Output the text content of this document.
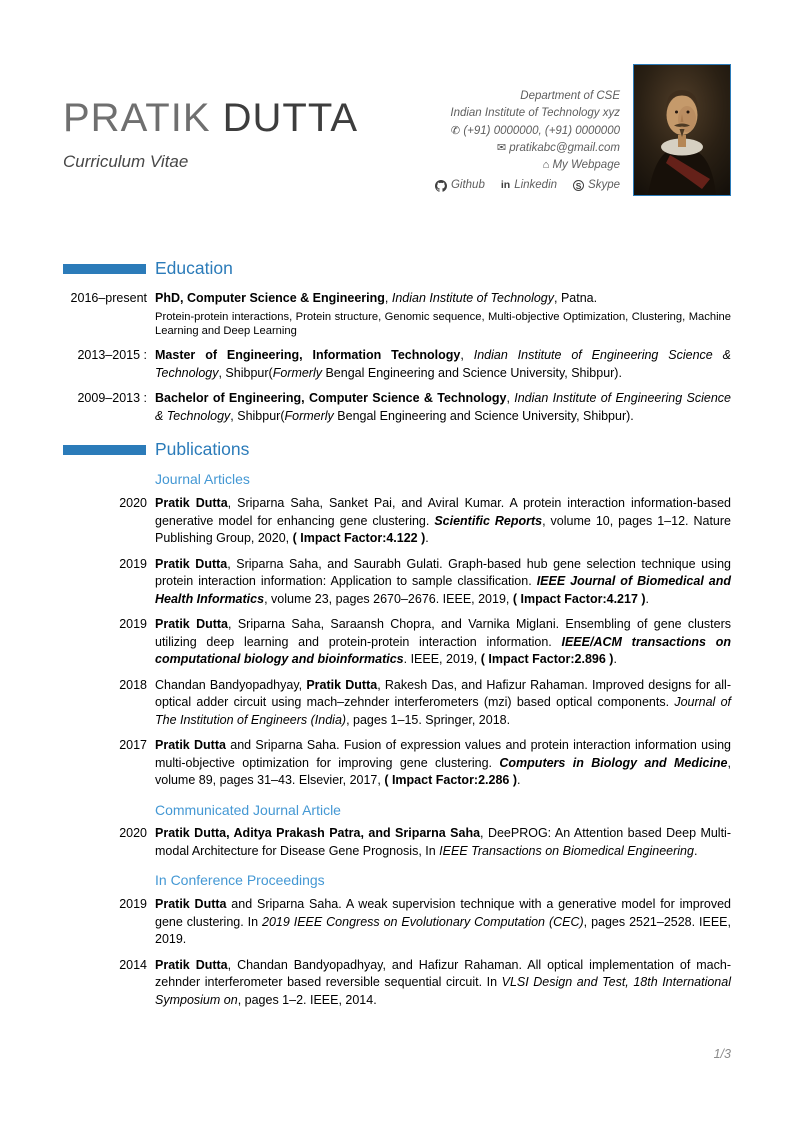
PRATIK DUTTA
Curriculum Vitae
Department of CSE
Indian Institute of Technology xyz
✆ (+91) 0000000, (+91) 0000000
✉ pratikabc@gmail.com
⌂ My Webpage
Github in Linkedin	S Skype
Education
2016–present PhD, Computer Science & Engineering, Indian Institute of Technology, Patna.
Protein-protein interactions, Protein structure, Genomic sequence, Multi-objective Optimization, Clustering, Machine Learning and Deep Learning
2013–2015 : Master of Engineering, Information Technology, Indian Institute of Engineering Science & Technology, Shibpur(Formerly Bengal Engineering and Science University, Shibpur).
2009–2013 : Bachelor of Engineering, Computer Science & Technology, Indian Institute of Engineering Science & Technology, Shibpur(Formerly Bengal Engineering and Science University, Shibpur).
Publications
Journal Articles
2020 Pratik Dutta, Sriparna Saha, Sanket Pai, and Aviral Kumar. A protein interaction information-based generative model for enhancing gene clustering. Scientific Reports, volume 10, pages 1–12. Nature Publishing Group, 2020, ( Impact Factor:4.122 ).
2019 Pratik Dutta, Sriparna Saha, and Saurabh Gulati. Graph-based hub gene selection technique using protein interaction information: Application to sample classification. IEEE Journal of Biomedical and Health Informatics, volume 23, pages 2670–2676. IEEE, 2019, ( Impact Factor:4.217 ).
2019 Pratik Dutta, Sriparna Saha, Saraansh Chopra, and Varnika Miglani. Ensembling of gene clusters utilizing deep learning and protein-protein interaction information. IEEE/ACM transactions on computational biology and bioinformatics. IEEE, 2019, ( Impact Factor:2.896 ).
2018 Chandan Bandyopadhyay, Pratik Dutta, Rakesh Das, and Hafizur Rahaman. Improved designs for all-optical adder circuit using mach–zehnder interferometers (mzi) based optical components. Journal of The Institution of Engineers (India), pages 1–15. Springer, 2018.
2017 Pratik Dutta and Sriparna Saha. Fusion of expression values and protein interaction information using multi-objective optimization for improving gene clustering. Computers in Biology and Medicine, volume 89, pages 31–43. Elsevier, 2017, ( Impact Factor:2.286 ).
Communicated Journal Article
2020 Pratik Dutta, Aditya Prakash Patra, and Sriparna Saha, DeePROG: An Attention based Deep Multi-modal Architecture for Disease Gene Prognosis, In IEEE Transactions on Biomedical Engineering.
In Conference Proceedings
2019 Pratik Dutta and Sriparna Saha. A weak supervision technique with a generative model for improved gene clustering. In 2019 IEEE Congress on Evolutionary Computation (CEC), pages 2521–2528. IEEE, 2019.
2014 Pratik Dutta, Chandan Bandyopadhyay, and Hafizur Rahaman. All optical implementation of mach-zehnder interferometer based reversible sequential circuit. In VLSI Design and Test, 18th International Symposium on, pages 1–2. IEEE, 2014.
1/3
